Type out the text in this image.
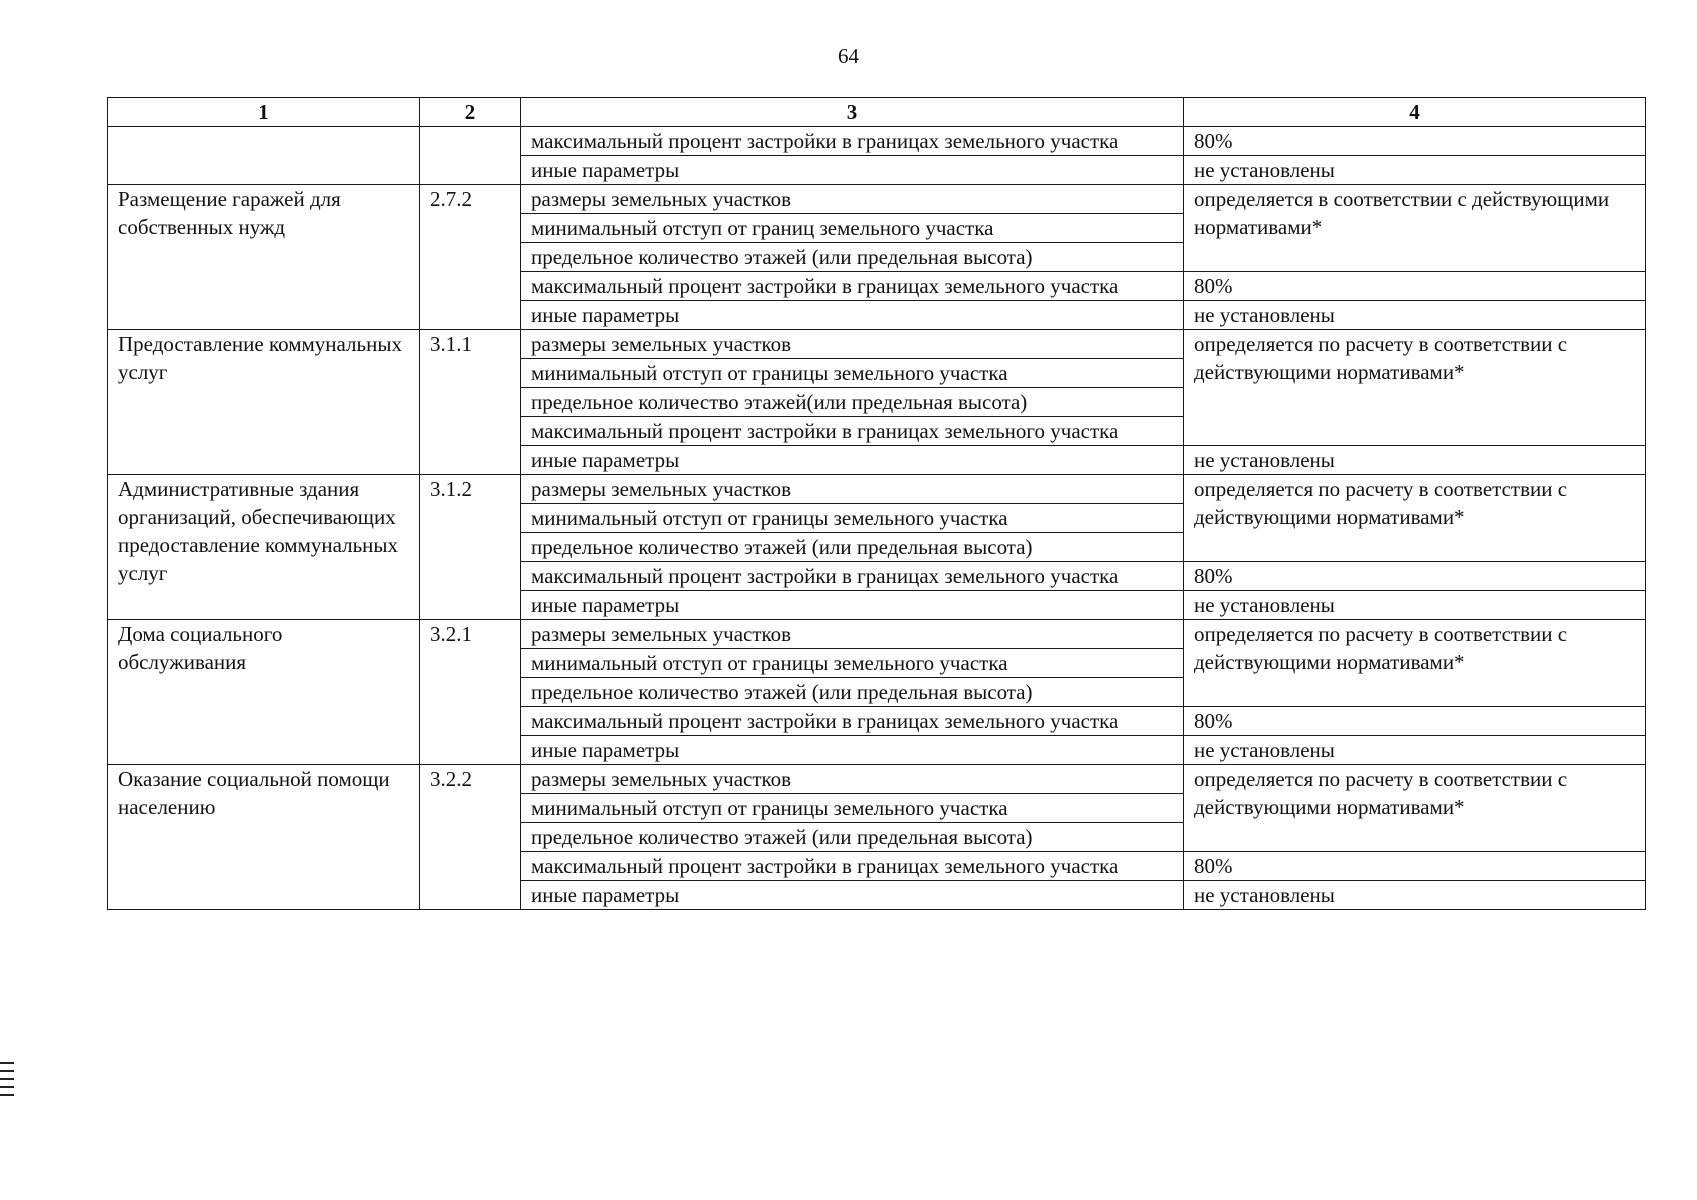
64
1	2	3	4
		максимальный процент застройки в границах земельного участка	80%
		иные параметры	не установлены
Размещение гаражей для собственных нужд	2.7.2	размеры земельных участков	определяется в соответствии с действующими нормативами*
		минимальный отступ от границ земельного участка	
		предельное количество этажей (или предельная высота)	
		максимальный процент застройки в границах земельного участка	80%
		иные параметры	не установлены
Предоставление коммунальных услуг	3.1.1	размеры земельных участков	определяется по расчету в соответствии с действующими нормативами*
		минимальный отступ от границы земельного участка	
		предельное количество этажей(или предельная высота)	
		максимальный процент застройки в границах земельного участка	
		иные параметры	не установлены
Административные здания организаций, обеспечивающих предоставление коммунальных услуг	3.1.2	размеры земельных участков	определяется по расчету в соответствии с действующими нормативами*
		минимальный отступ от границы земельного участка	
		предельное количество этажей (или предельная высота)	
		максимальный процент застройки в границах земельного участка	80%
		иные параметры	не установлены
Дома социального обслуживания	3.2.1	размеры земельных участков	определяется по расчету в соответствии с действующими нормативами*
		минимальный отступ от границы земельного участка	
		предельное количество этажей (или предельная высота)	
		максимальный процент застройки в границах земельного участка	80%
		иные параметры	не установлены
Оказание социальной помощи населению	3.2.2	размеры земельных участков	определяется по расчету в соответствии с действующими нормативами*
		минимальный отступ от границы земельного участка	
		предельное количество этажей (или предельная высота)	
		максимальный процент застройки в границах земельного участка	80%
		иные параметры	не установлены
